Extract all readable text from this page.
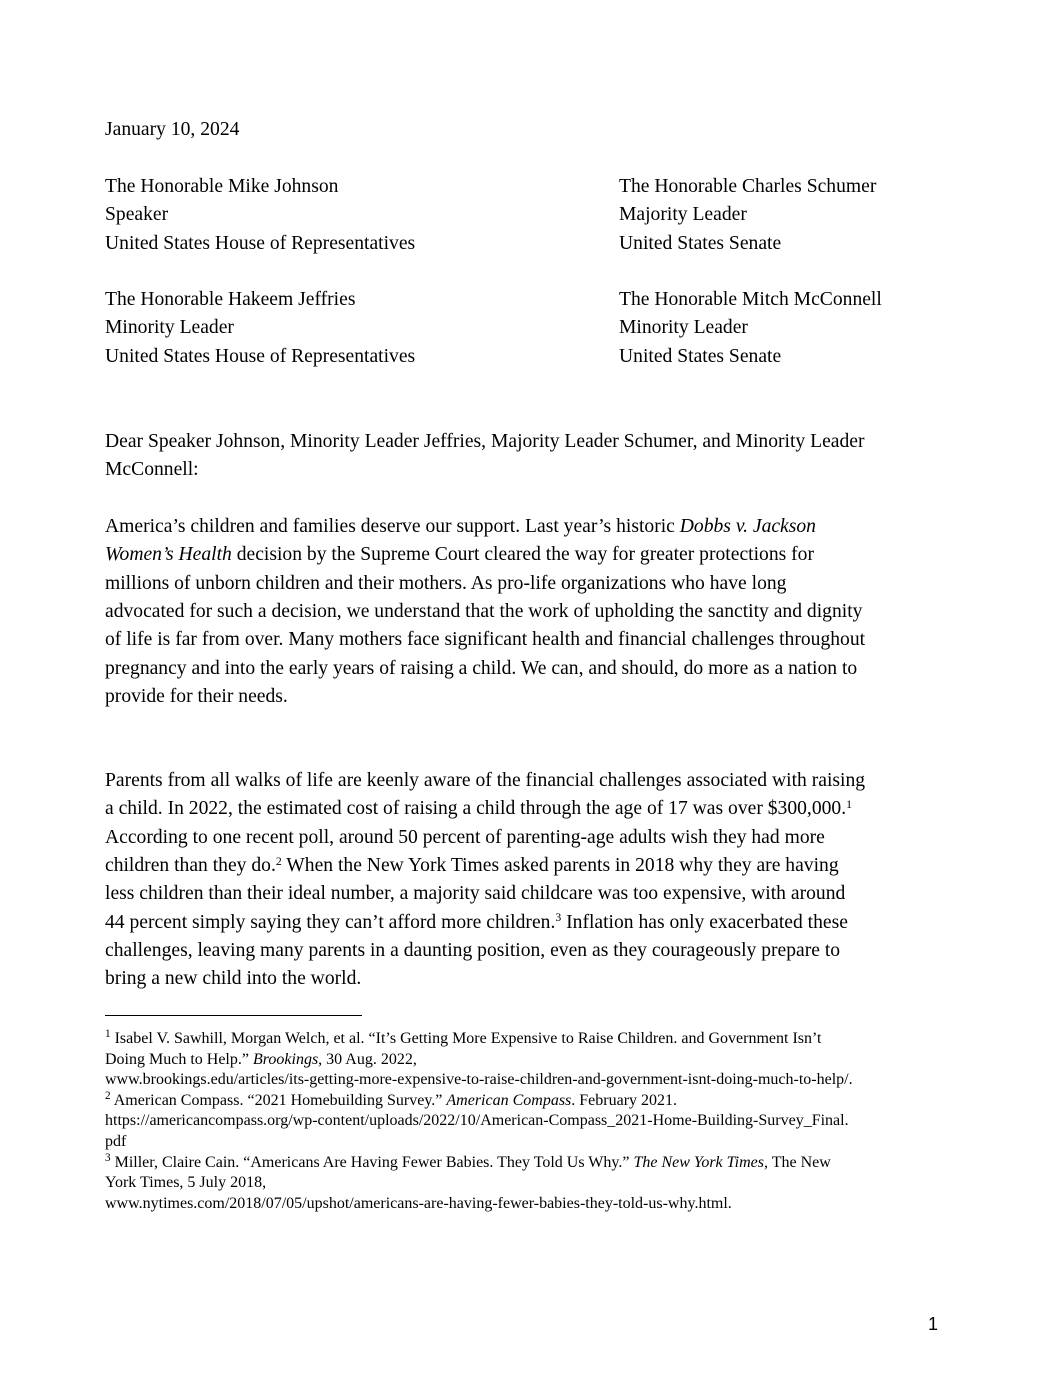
January 10, 2024
The Honorable Mike Johnson
Speaker
United States House of Representatives
The Honorable Charles Schumer
Majority Leader
United States Senate
The Honorable Hakeem Jeffries
Minority Leader
United States House of Representatives
The Honorable Mitch McConnell
Minority Leader
United States Senate
Dear Speaker Johnson, Minority Leader Jeffries, Majority Leader Schumer, and Minority Leader
McConnell:
America’s children and families deserve our support. Last year’s historic Dobbs v. Jackson
Women’s Health decision by the Supreme Court cleared the way for greater protections for
millions of unborn children and their mothers. As pro-life organizations who have long
advocated for such a decision, we understand that the work of upholding the sanctity and dignity
of life is far from over. Many mothers face significant health and financial challenges throughout
pregnancy and into the early years of raising a child. We can, and should, do more as a nation to
provide for their needs.
Parents from all walks of life are keenly aware of the financial challenges associated with raising
a child. In 2022, the estimated cost of raising a child through the age of 17 was over $300,000.$^1$
According to one recent poll, around 50 percent of parenting-age adults wish they had more
children than they do.$^2$ When the New York Times asked parents in 2018 why they are having
less children than their ideal number, a majority said childcare was too expensive, with around
44 percent simply saying they can’t afford more children.$^3$ Inflation has only exacerbated these
challenges, leaving many parents in a daunting position, even as they courageously prepare to
bring a new child into the world.
$^1$ Isabel V. Sawhill, Morgan Welch, et al. “It’s Getting More Expensive to Raise Children. and Government Isn’t
Doing Much to Help.” Brookings, 30 Aug. 2022,
www.brookings.edu/articles/its-getting-more-expensive-to-raise-children-and-government-isnt-doing-much-to-help/.
$^2$ American Compass. “2021 Homebuilding Survey.” American Compass. February 2021.
https://americancompass.org/wp-content/uploads/2022/10/American-Compass_2021-Home-Building-Survey_Final.
pdf
$^3$ Miller, Claire Cain. “Americans Are Having Fewer Babies. They Told Us Why.” The New York Times, The New
York Times, 5 July 2018,
www.nytimes.com/2018/07/05/upshot/americans-are-having-fewer-babies-they-told-us-why.html.
1
